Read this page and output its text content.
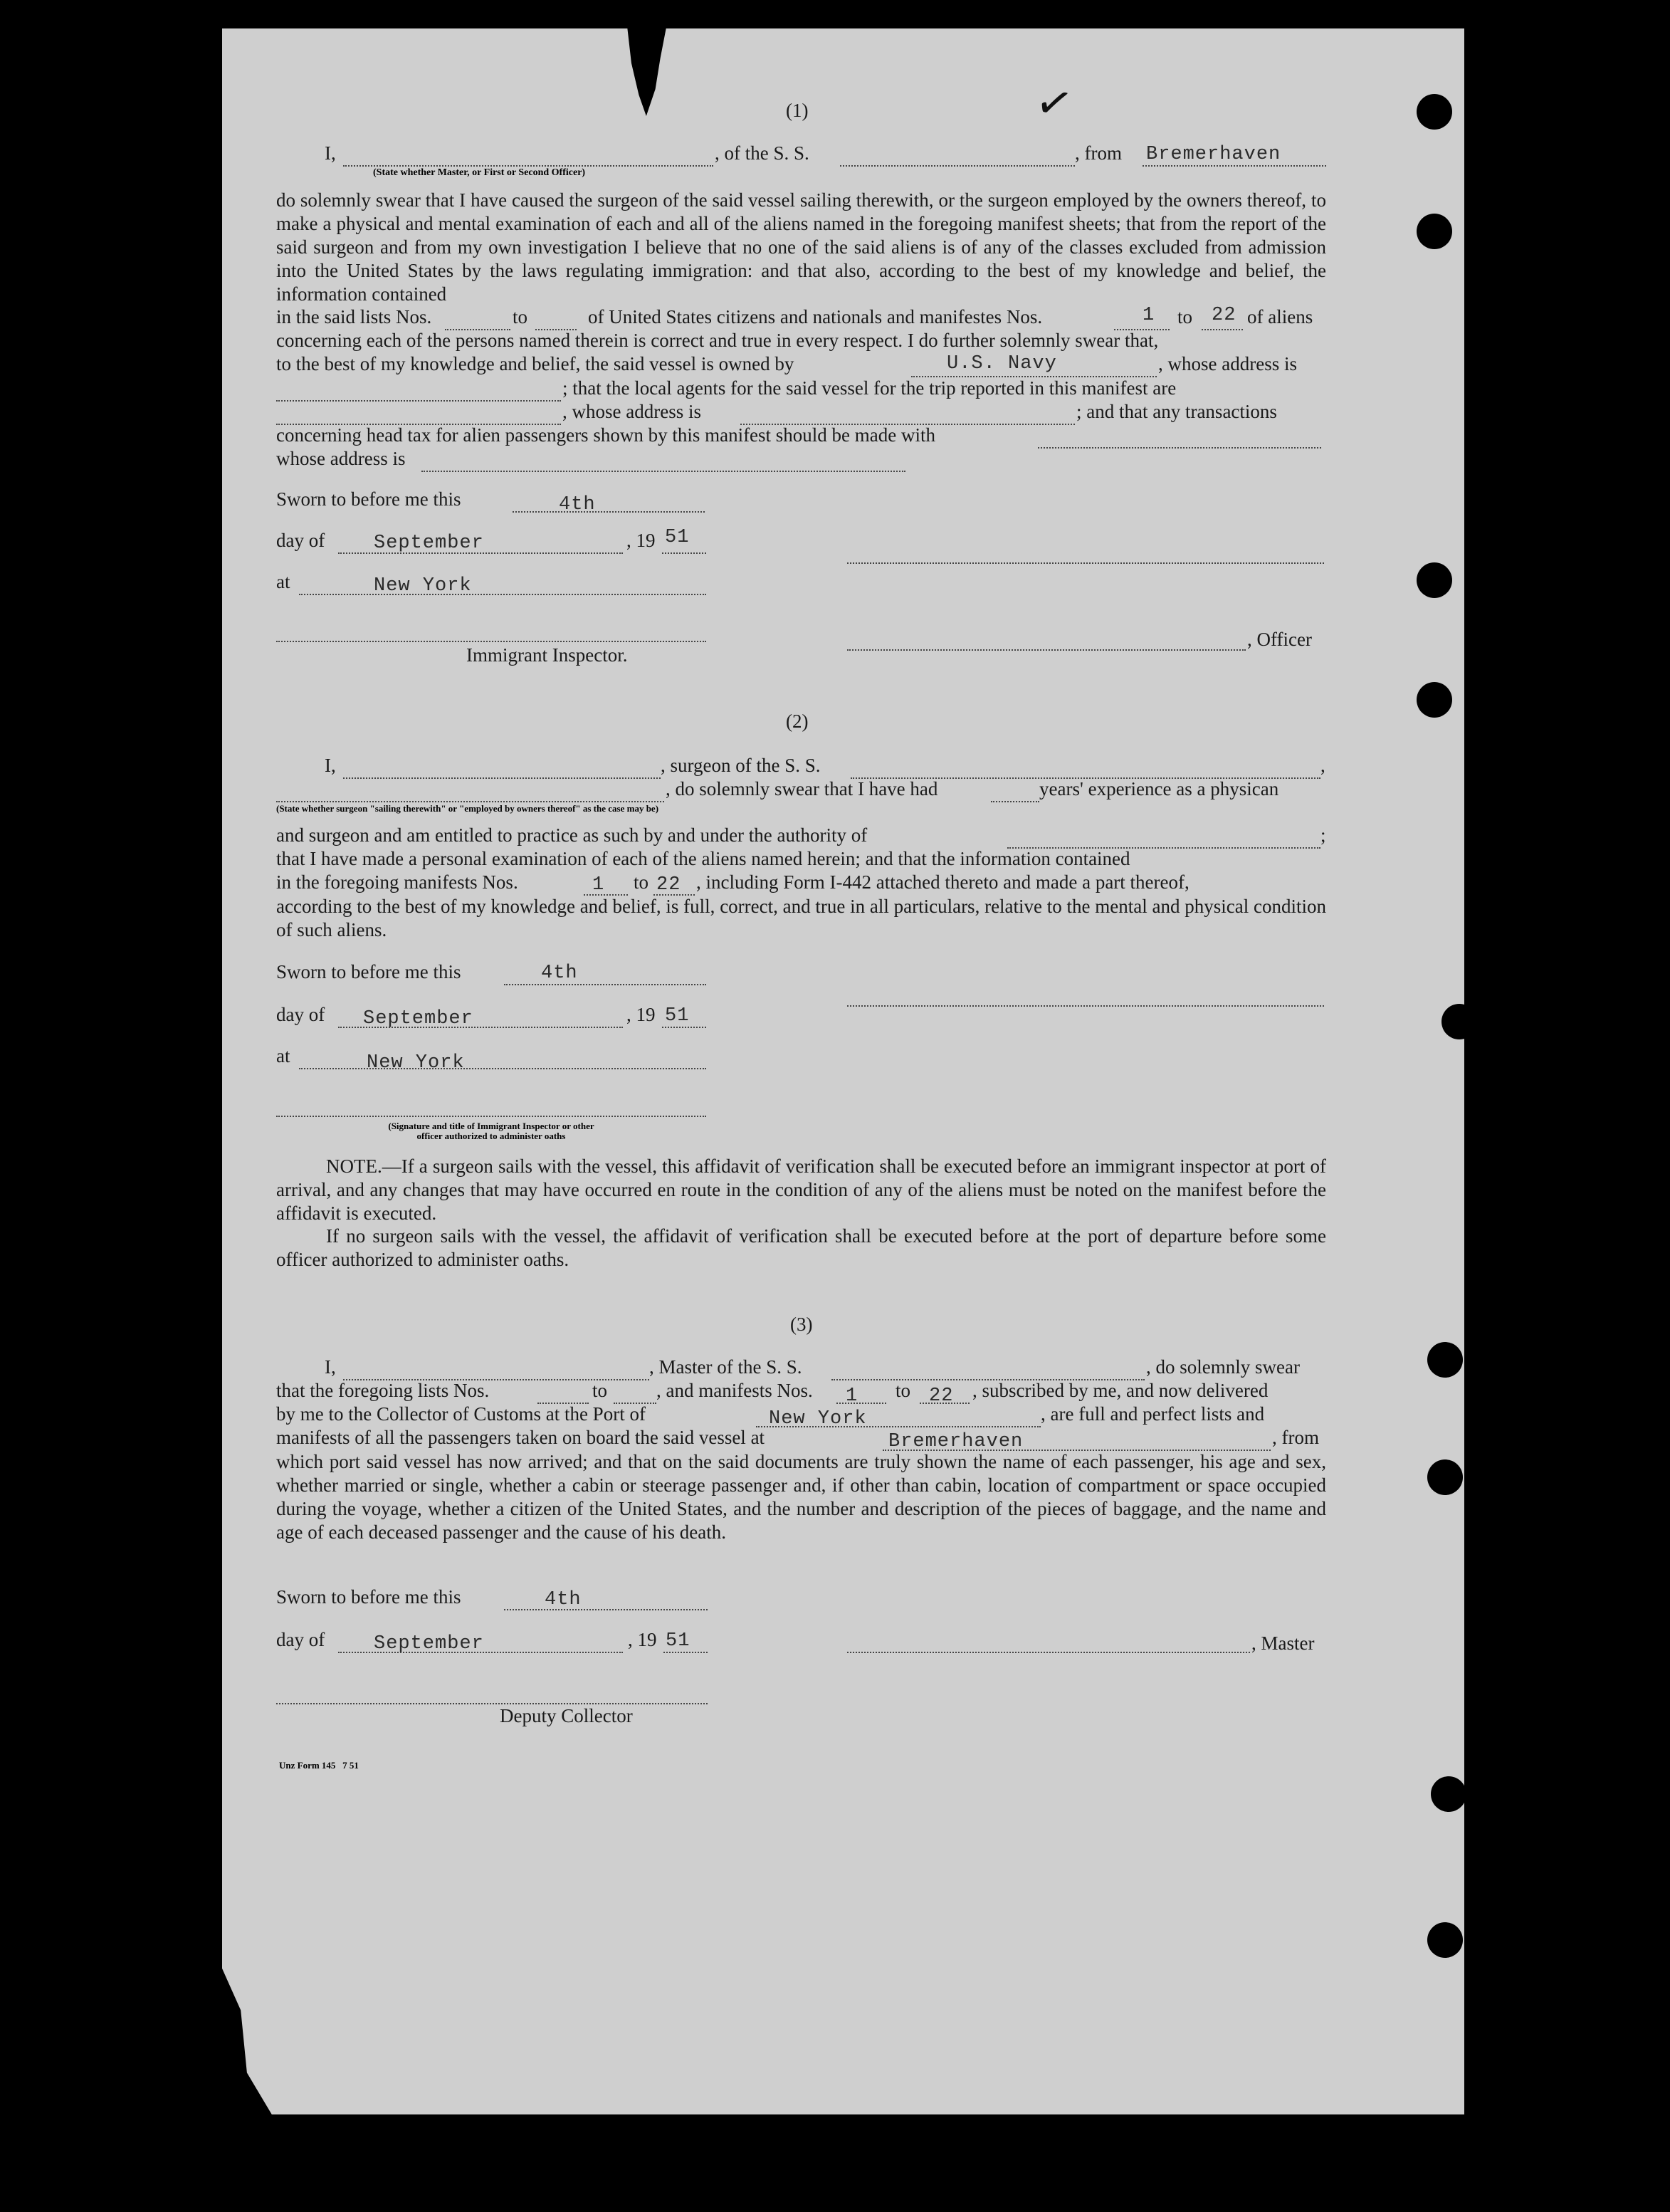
✓
(1)
I,	, of the S. S.	, from Bremerhaven
(State whether Master, or First or Second Officer)

do solemnly swear that I have caused the surgeon of the said vessel sailing therewith, or the surgeon employed by the owners thereof, to make a physical and mental examination of each and all of the aliens named in the foregoing manifest sheets; that from the report of the said surgeon and from my own investigation I believe that no one of the said aliens is of any of the classes excluded from admission into the United States by the laws regulating immigration: and that also, according to the best of my knowledge and belief, the information contained

in the said lists Nos.	to	of United States citizens and nationals and manifestes Nos.	1 to 22 of aliens
concerning each of the persons named therein is correct and true in every respect. I do further solemnly swear that,
to the best of my knowledge and belief, the said vessel is owned by	U.S. Navy	, whose address is
; that the local agents for the said vessel for the trip reported in this manifest are
, whose address is	; and that any transactions
concerning head tax for alien passengers shown by this manifest should be made with
whose address is
Sworn to before me this	4th
day of	September	, 19 51
at	New York
Immigrant Inspector.
, Officer
(2)
I,	, surgeon of the S. S.	,
, do solemnly swear that I have had	years' experience as a physican
(State whether surgeon "sailing therewith" or "employed by owners thereof" as the case may be)
and surgeon and am entitled to practice as such by and under the authority of	;
that I have made a personal examination of each of the aliens named herein; and that the information contained
in the foregoing manifests Nos.	1 to 22 , including Form I-442 attached thereto and made a part thereof,

according to the best of my knowledge and belief, is full, correct, and true in all particulars, relative to the mental and physical condition of such aliens.

Sworn to before me this	4th
day of September	, 19 51
at	New York
(Signature and title of Immigrant Inspector or other
officer authorized to administer oaths

NOTE.—If a surgeon sails with the vessel, this affidavit of verification shall be executed before an immigrant inspector at port of arrival, and any changes that may have occurred en route in the condition of any of the aliens must be noted on the manifest before the affidavit is executed.

If no surgeon sails with the vessel, the affidavit of verification shall be executed before at the port of departure before some officer authorized to administer oaths.

(3)
I,	, Master of the S. S.	, do solemnly swear
that the foregoing lists Nos.	to	, and manifests Nos. 1 to 22 , subscribed by me, and now delivered
by me to the Collector of Customs at the Port of	New York	, are full and perfect lists and
manifests of all the passengers taken on board the said vessel at	Bremerhaven	, from

which port said vessel has now arrived; and that on the said documents are truly shown the name of each passenger, his age and sex, whether married or single, whether a cabin or steerage passenger and, if other than cabin, location of compartment or space occupied during the voyage, whether a citizen of the United States, and the number and description of the pieces of baggage, and the name and age of each deceased passenger and the cause of his death.

Sworn to before me this	4th
day of	September	, 19 51	, Master
Deputy Collector
Unz Form 145   7 51
